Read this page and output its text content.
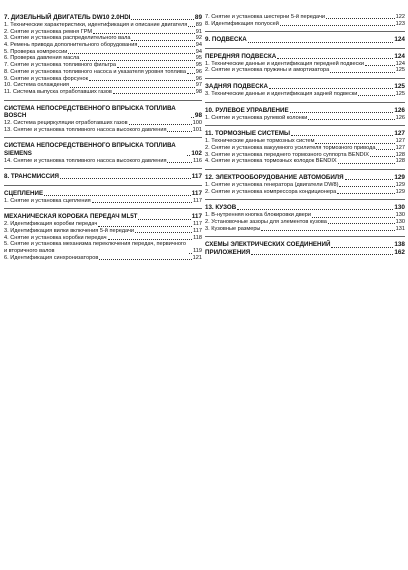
7. ДИЗЕЛЬНЫЙ ДВИГАТЕЛЬ DW10 2.0HDI	89
1. Технические характеристики, идентификация и описание двигателя 89
2. Снятие и установка ремня ГРМ	91
3. Снятие и установка распределительного вала	92
4. Ремень привода дополнительного оборудования	94
5. Проверка компрессии	94
6. Проверка давления масла	95
7. Снятие и установка топливного фильтра	95
8. Снятие и установка топливного насоса и указателя уровня топлива 96
9. Снятие и установка форсунок	96
10. Система охлаждения	97
11. Система выпуска отработавших газов	98
СИСТЕМА НЕПОСРЕДСТВЕННОГО ВПРЫСКА ТОПЛИВА BOSCH	98
12. Система рециркуляции отработавших газов	100
13. Снятие и установка топливного насоса высокого давления	101
СИСТЕМА НЕПОСРЕДСТВЕННОГО ВПРЫСКА ТОПЛИВА SIEMENS	102
14. Снятие и установка топливного насоса высокого давления	116
8. ТРАНСМИССИЯ	117
СЦЕПЛЕНИЕ	117
1. Снятие и установка сцепления	117
МЕХАНИЧЕСКАЯ КОРОБКА ПЕРЕДАЧ ML5T	117
2. Идентификация коробки передач	117
3. Идентификация вилки включения 5-й передачи	117
4. Снятие и установка коробки передач	118
5. Снятие и установка механизма переключения передач, первичного и вторичного валов	119
6. Идентификация синхронизаторов	121
7. Снятие и установка шестерни 5-й передачи	122
8. Идентификация полуосей	123
9. ПОДВЕСКА	124
ПЕРЕДНЯЯ ПОДВЕСКА	124
1. Технические данные и идентификация передней подвески	124
2. Снятие и установка пружины и амортизатора	125
ЗАДНЯЯ ПОДВЕСКА	125
3. Технические данные и идентификация задней подвески	125
10. РУЛЕВОЕ УПРАВЛЕНИЕ	126
1. Снятие и установка рулевой колонки	126
11. ТОРМОЗНЫЕ СИСТЕМЫ	127
1. Технические данные тормозных систем	127
2. Снятие и установка вакуумного усилителя тормозного привода	127
3. Снятие и установка переднего тормозного суппорта BENDIX	128
4. Снятие и установка тормозных колодок BENDIX	128
12. ЭЛЕКТРООБОРУДОВАНИЕ АВТОМОБИЛЯ	129
1. Снятие и установка генератора (двигатели DW8)	129
2. Снятие и установка компрессора кондиционера	129
13. КУЗОВ	130
1. В-нутренняя кнопка блокировки двери	130
2. Установочные зазоры для элементов кузова	130
3. Кузовные размеры	131
СХЕМЫ ЭЛЕКТРИЧЕСКИХ СОЕДИНЕНИЙ	138
ПРИЛОЖЕНИЯ	162
